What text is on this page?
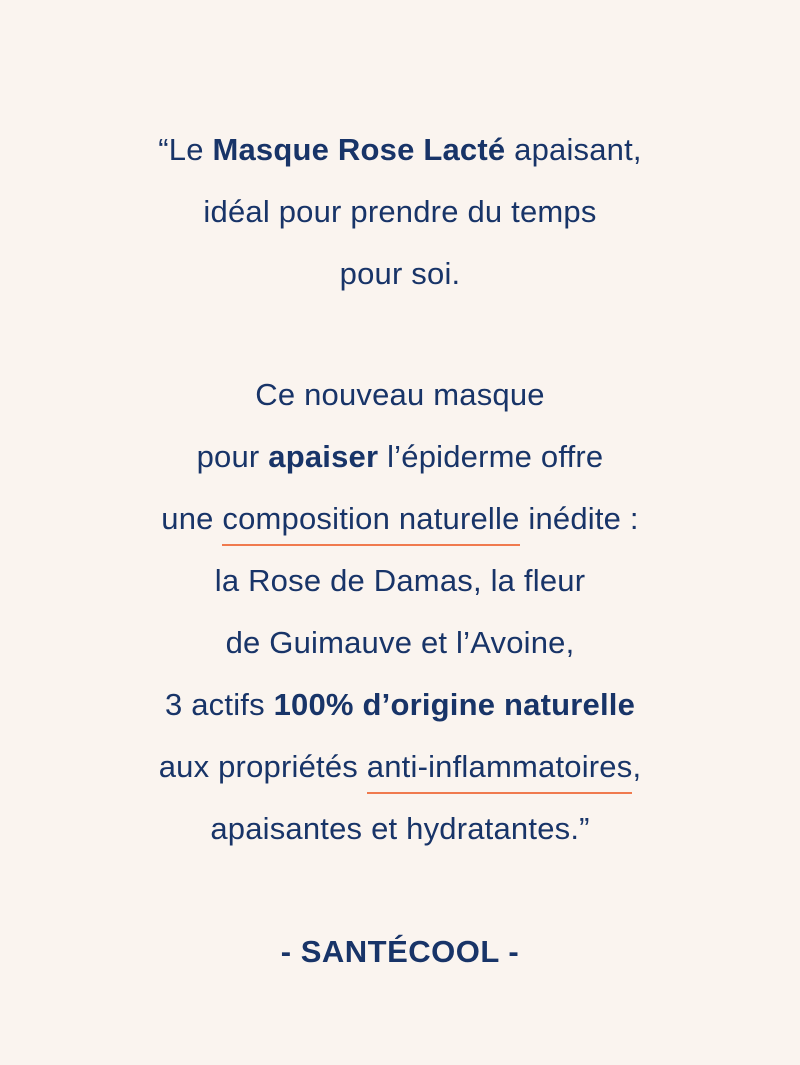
“Le Masque Rose Lacté apaisant,
idéal pour prendre du temps
pour soi.
Ce nouveau masque
pour apaiser l’épiderme offre
une composition naturelle inédite :
la Rose de Damas, la fleur
de Guimauve et l’Avoine,
3 actifs 100% d’origine naturelle
aux propriétés anti-inflammatoires,
apaisantes et hydratantes.”
- SANTÉCOOL -
